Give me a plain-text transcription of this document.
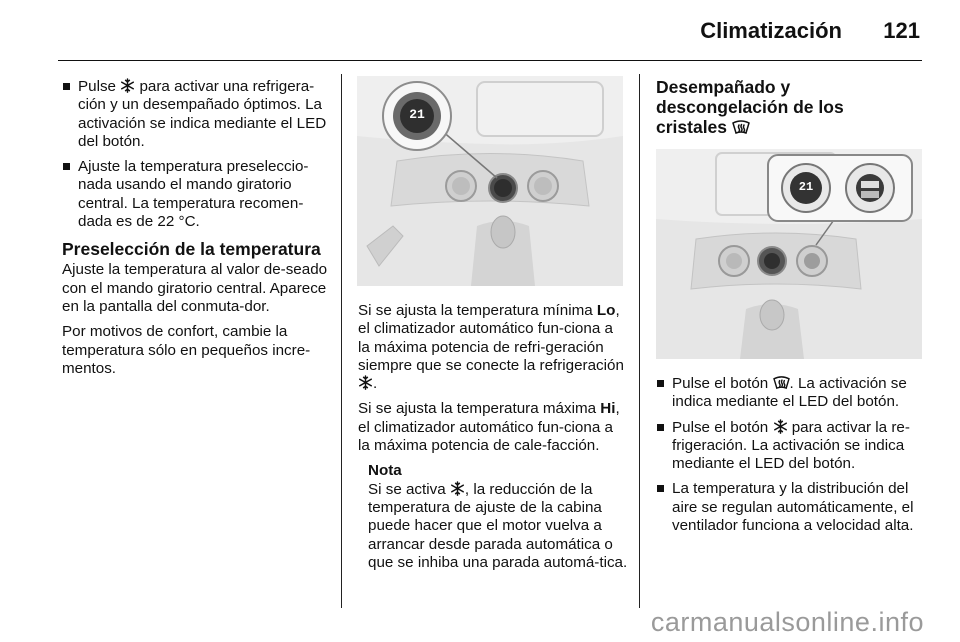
Climatización 121
Pulse para activar una refrigera-ción y un desempañado óptimos. La activación se indica mediante el LED del botón.
Ajuste la temperatura preseleccio-nada usando el mando giratorio central. La temperatura recomen-dada es de 22 °C.
Preselección de la temperatura

Ajuste la temperatura al valor de-seado con el mando giratorio central. Aparece en la pantalla del conmuta-dor.

Por motivos de confort, cambie la temperatura sólo en pequeños incre-mentos.

21

Si se ajusta la temperatura mínima Lo, el climatizador automático fun-ciona a la máxima potencia de refri-geración siempre que se conecte la refrigeración .

Si se ajusta la temperatura máxima Hi, el climatizador automático fun-ciona a la máxima potencia de cale-facción.

Nota
Si se activa , la reducción de la temperatura de ajuste de la cabina puede hacer que el motor vuelva a arrancar desde parada automática o que se inhiba una parada automá-tica.
Desempañado y descongelación de los cristales
21
Pulse el botón . La activación se indica mediante el LED del botón.
Pulse el botón para activar la re-frigeración. La activación se indica mediante el LED del botón.
La temperatura y la distribución del aire se regulan automáticamente, el ventilador funciona a velocidad alta.
carmanualsonline.info
